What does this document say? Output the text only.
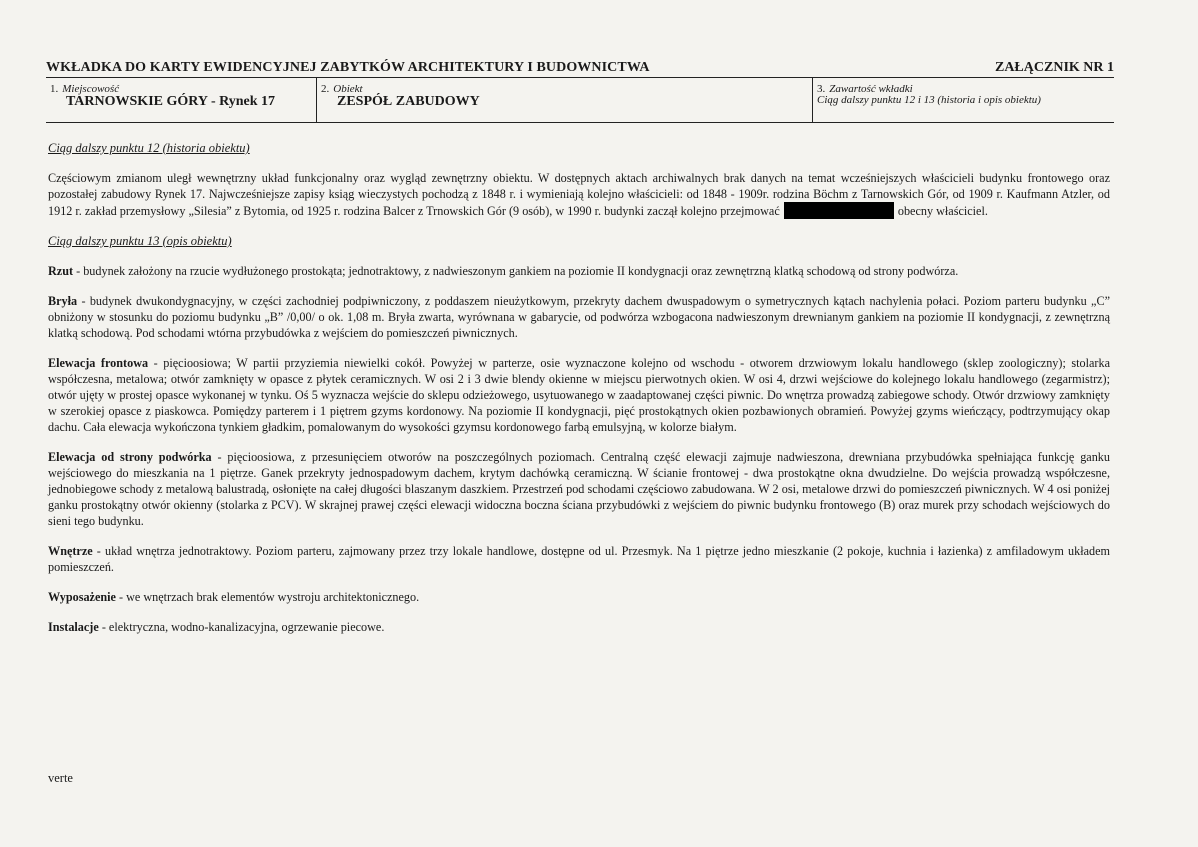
WKŁADKA DO KARTY EWIDENCYJNEJ ZABYTKÓW ARCHITEKTURY I BUDOWNICTWA	ZAŁĄCZNIK NR 1
1. Miejscowość
TARNOWSKIE GÓRY - Rynek 17
2. Obiekt
ZESPÓŁ ZABUDOWY
3. Zawartość wkładki
Ciąg dalszy punktu 12 i 13 (historia i opis obiektu)
Ciąg dalszy punktu 12 (historia obiektu)

Częściowym zmianom uległ wewnętrzny układ funkcjonalny oraz wygląd zewnętrzny obiektu. W dostępnych aktach archiwalnych brak danych na temat wcześniejszych właścicieli budynku frontowego oraz pozostałej zabudowy Rynek 17. Najwcześniejsze zapisy ksiąg wieczystych pochodzą z 1848 r. i wymieniają kolejno właścicieli: od 1848 - 1909r. rodzina Böchm z Tarnowskich Gór, od 1909 r. Kaufmann Atzler, od 1912 r. zakład przemysłowy „Silesia” z Bytomia, od 1925 r. rodzina Balcer z Trnowskich Gór (9 osób), w 1990 r. budynki zaczął kolejno przejmować	obecny właściciel.

Ciąg dalszy punktu 13 (opis obiektu)

Rzut - budynek założony na rzucie wydłużonego prostokąta; jednotraktowy, z nadwieszonym gankiem na poziomie II kondygnacji oraz zewnętrzną klatką schodową od strony podwórza.

Bryła - budynek dwukondygnacyjny, w części zachodniej podpiwniczony, z poddaszem nieużytkowym, przekryty dachem dwuspadowym o symetrycznych kątach nachylenia połaci. Poziom parteru budynku „C” obniżony w stosunku do poziomu budynku „B” /0,00/ o ok. 1,08 m. Bryła zwarta, wyrównana w gabarycie, od podwórza wzbogacona nadwieszonym drewnianym gankiem na poziomie II kondygnacji, z zewnętrzną klatką schodową. Pod schodami wtórna przybudówka z wejściem do pomieszczeń piwnicznych.

Elewacja frontowa - pięcioosiowa; W partii przyziemia niewielki cokół. Powyżej w parterze, osie wyznaczone kolejno od wschodu - otworem drzwiowym lokalu handlowego (sklep zoologiczny); stolarka współczesna, metalowa; otwór zamknięty w opasce z płytek ceramicznych. W osi 2 i 3 dwie blendy okienne w miejscu pierwotnych okien. W osi 4, drzwi wejściowe do kolejnego lokalu handlowego (zegarmistrz); otwór ujęty w prostej opasce wykonanej w tynku. Oś 5 wyznacza wejście do sklepu odzieżowego, usytuowanego w zaadaptowanej części piwnic. Do wnętrza prowadzą zabiegowe schody. Otwór drzwiowy zamknięty w szerokiej opasce z piaskowca. Pomiędzy parterem i 1 piętrem gzyms kordonowy. Na poziomie II kondygnacji, pięć prostokątnych okien pozbawionych obramień. Powyżej gzyms wieńczący, podtrzymujący okap dachu. Cała elewacja wykończona tynkiem gładkim, pomalowanym do wysokości gzymsu kordonowego farbą emulsyjną, w kolorze białym.

Elewacja od strony podwórka - pięcioosiowa, z przesunięciem otworów na poszczególnych poziomach. Centralną część elewacji zajmuje nadwieszona, drewniana przybudówka spełniająca funkcję ganku wejściowego do mieszkania na 1 piętrze. Ganek przekryty jednospadowym dachem, krytym dachówką ceramiczną. W ścianie frontowej - dwa prostokątne okna dwudzielne. Do wejścia prowadzą współczesne, jednobiegowe schody z metalową balustradą, osłonięte na całej długości blaszanym daszkiem. Przestrzeń pod schodami częściowo zabudowana. W 2 osi, metalowe drzwi do pomieszczeń piwnicznych. W 4 osi poniżej ganku prostokątny otwór okienny (stolarka z PCV). W skrajnej prawej części elewacji widoczna boczna ściana przybudówki z wejściem do piwnic budynku frontowego (B) oraz murek przy schodach wejściowych do sieni tego budynku.

Wnętrze - układ wnętrza jednotraktowy. Poziom parteru, zajmowany przez trzy lokale handlowe, dostępne od ul. Przesmyk. Na 1 piętrze jedno mieszkanie (2 pokoje, kuchnia i łazienka) z amfiladowym układem pomieszczeń.

Wyposażenie - we wnętrzach brak elementów wystroju architektonicznego.

Instalacje - elektryczna, wodno-kanalizacyjna, ogrzewanie piecowe.

verte
